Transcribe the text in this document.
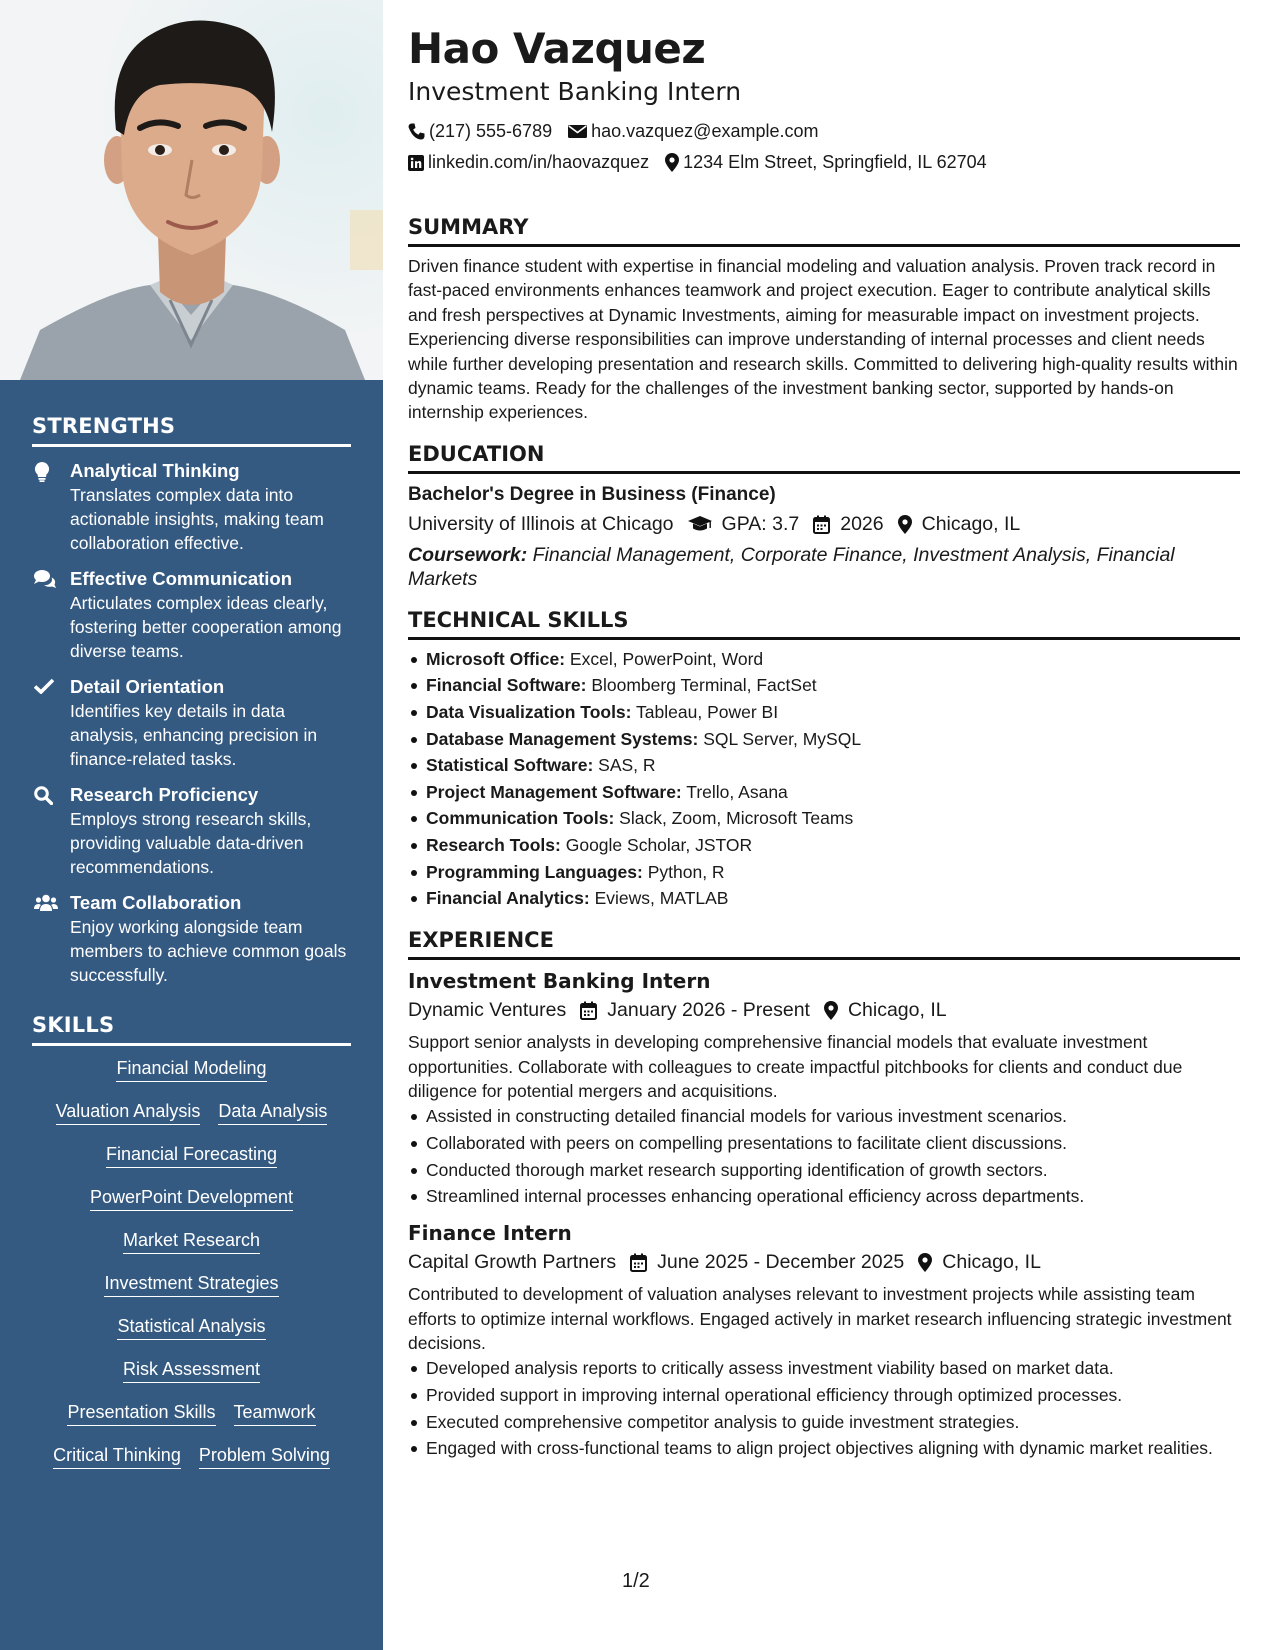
STRENGTHS
Analytical Thinking
Translates complex data into actionable insights, making team collaboration effective.
Effective Communication
Articulates complex ideas clearly, fostering better cooperation among diverse teams.
Detail Orientation
Identifies key details in data analysis, enhancing precision in finance-related tasks.
Research Proficiency
Employs strong research skills, providing valuable data-driven recommendations.
Team Collaboration
Enjoy working alongside team members to achieve common goals successfully.
SKILLS
Financial Modeling
Valuation Analysis Data Analysis
Financial Forecasting
PowerPoint Development
Market Research
Investment Strategies
Statistical Analysis
Risk Assessment
Presentation Skills Teamwork
Critical Thinking Problem Solving
Hao Vazquez
Investment Banking Intern
(217) 555-6789 hao.vazquez@example.com
linkedin.com/in/haovazquez 1234 Elm Street, Springfield, IL 62704
SUMMARY

Driven finance student with expertise in financial modeling and valuation analysis. Proven track record in fast-paced environments enhances teamwork and project execution. Eager to contribute analytical skills and fresh perspectives at Dynamic Investments, aiming for measurable impact on investment projects. Experiencing diverse responsibilities can improve understanding of internal processes and client needs while further developing presentation and research skills. Committed to delivering high-quality results within dynamic teams. Ready for the challenges of the investment banking sector, supported by hands-on internship experiences.

EDUCATION
Bachelor's Degree in Business (Finance)
University of Illinois at Chicago GPA: 3.7 2026 Chicago, IL
Coursework: Financial Management, Corporate Finance, Investment Analysis, Financial Markets
TECHNICAL SKILLS
Microsoft Office: Excel, PowerPoint, Word
Financial Software: Bloomberg Terminal, FactSet
Data Visualization Tools: Tableau, Power BI
Database Management Systems: SQL Server, MySQL
Statistical Software: SAS, R
Project Management Software: Trello, Asana
Communication Tools: Slack, Zoom, Microsoft Teams
Research Tools: Google Scholar, JSTOR
Programming Languages: Python, R
Financial Analytics: Eviews, MATLAB
EXPERIENCE
Investment Banking Intern
Dynamic Ventures January 2026 - Present Chicago, IL

Support senior analysts in developing comprehensive financial models that evaluate investment opportunities. Collaborate with colleagues to create impactful pitchbooks for clients and conduct due diligence for potential mergers and acquisitions.

Assisted in constructing detailed financial models for various investment scenarios.
Collaborated with peers on compelling presentations to facilitate client discussions.
Conducted thorough market research supporting identification of growth sectors.
Streamlined internal processes enhancing operational efficiency across departments.
Finance Intern
Capital Growth Partners June 2025 - December 2025 Chicago, IL

Contributed to development of valuation analyses relevant to investment projects while assisting team efforts to optimize internal workflows. Engaged actively in market research influencing strategic investment decisions.

Developed analysis reports to critically assess investment viability based on market data.
Provided support in improving internal operational efficiency through optimized processes.
Executed comprehensive competitor analysis to guide investment strategies.
Engaged with cross-functional teams to align project objectives aligning with dynamic market realities.
1/2
